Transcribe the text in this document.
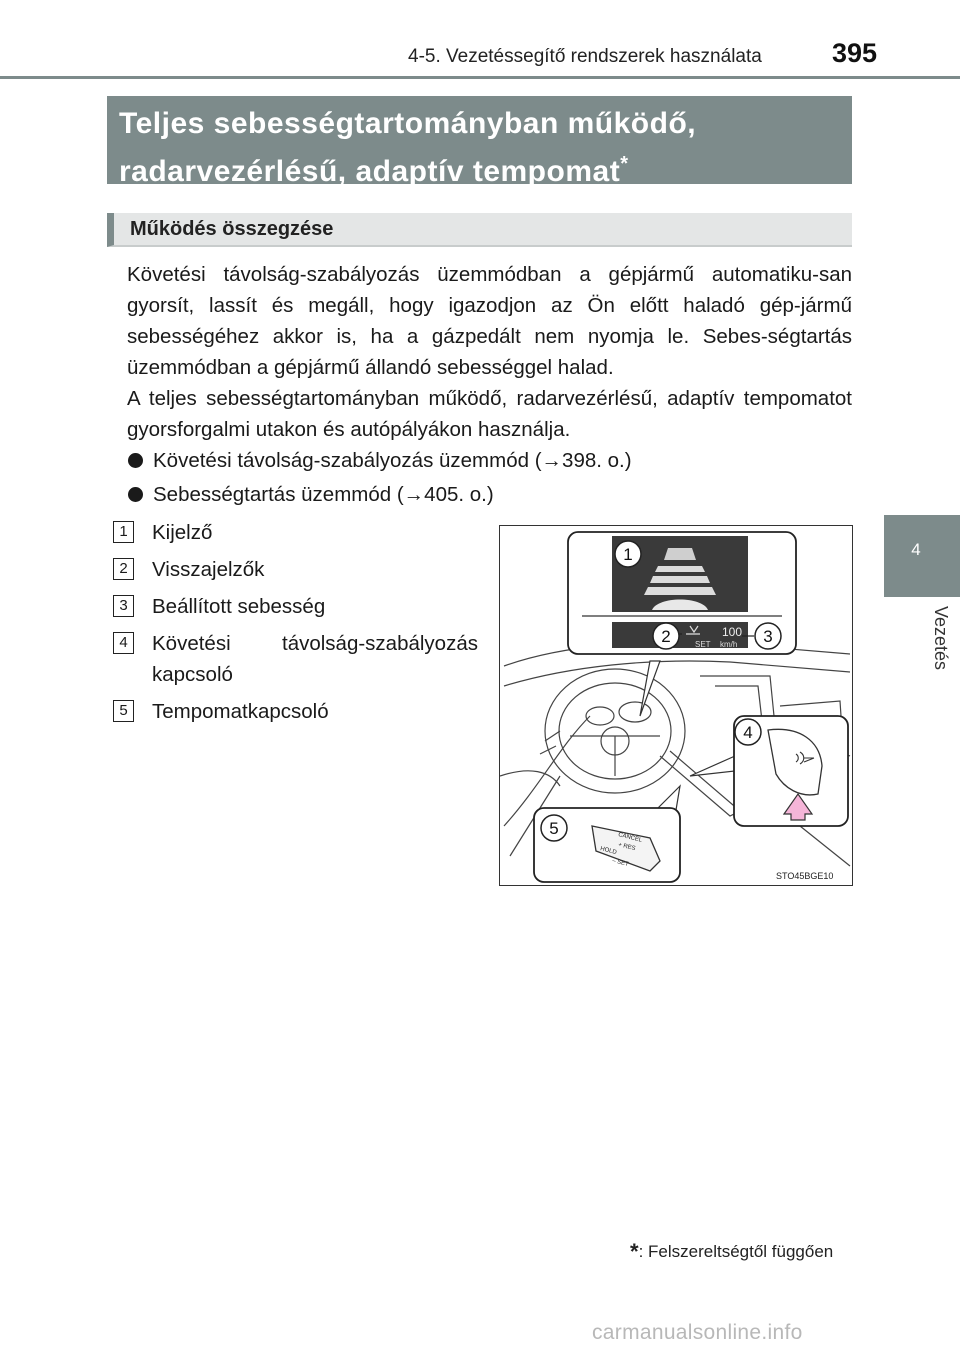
4-5. Vezetéssegítő rendszerek használata	395
4
Vezetés
Teljes sebességtartományban működő,
radarvezérlésű, adaptív tempomat*
Működés összegzése
Követési távolság-szabályozás üzemmódban a gépjármű automatiku-san gyorsít, lassít és megáll, hogy igazodjon az Ön előtt haladó gép-jármű sebességéhez akkor is, ha a gázpedált nem nyomja le. Sebes-ségtartás üzemmódban a gépjármű állandó sebességgel halad.
A teljes sebességtartományban működő, radarvezérlésű, adaptív tempomatot gyorsforgalmi utakon és autópályákon használja.
Követési távolság-szabályozás üzemmód (→398. o.)
Sebességtartás üzemmód (→405. o.)
1	Kijelző
2	Visszajelzők
3	Beállított sebesség
4	Követési távolság-szabályozás
kapcsoló
5	Tempomatkapcsoló
SET
100
km/h
1
2	3
4
CANCEL
+ RES
HOLD
– SET
5
STO45BGE10
*: Felszereltségtől függően
carmanualsonline.info
